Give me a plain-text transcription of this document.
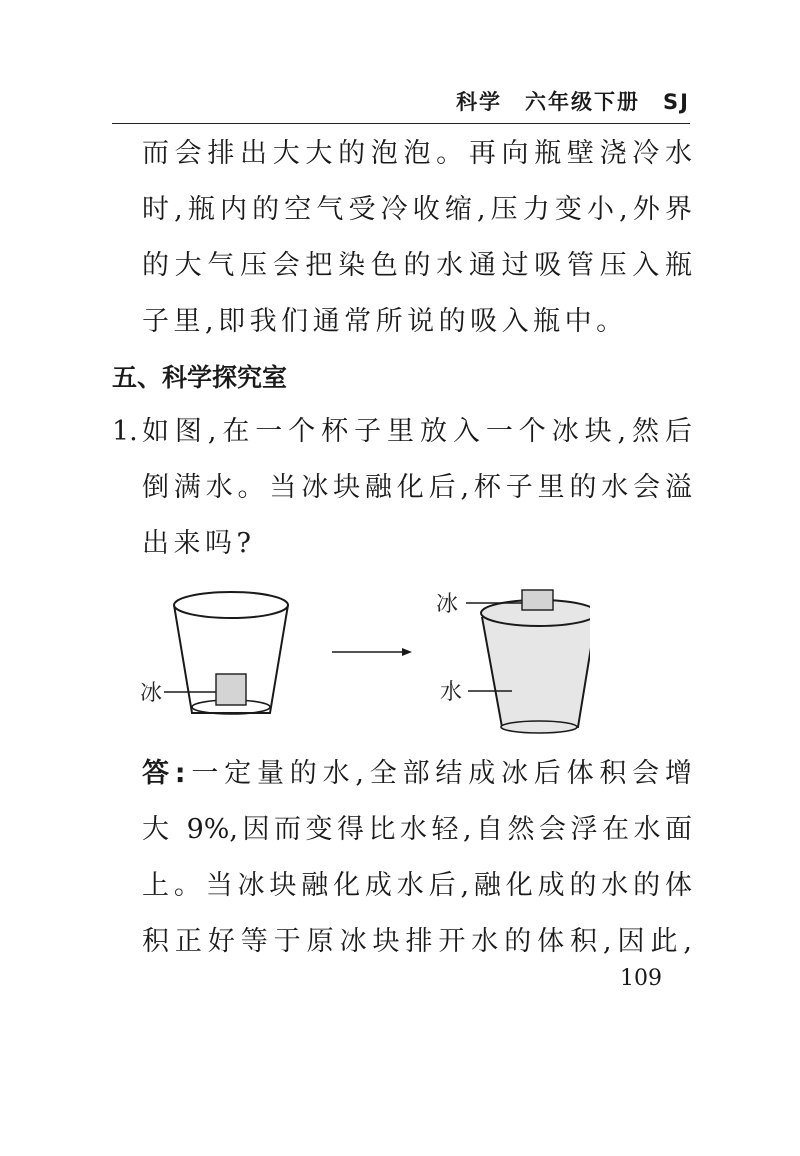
科学　六年级下册　SJ
而会排出大大的泡泡。再向瓶壁浇冷水
时,瓶内的空气受冷收缩,压力变小,外界
的大气压会把染色的水通过吸管压入瓶
子里,即我们通常所说的吸入瓶中。
五、科学探究室
1. 如图,在一个杯子里放入一个冰块,然后
倒满水。当冰块融化后,杯子里的水会溢
出来吗?
冰
冰
水
答:一定量的水,全部结成冰后体积会增
大 9%,因而变得比水轻,自然会浮在水面
上。当冰块融化成水后,融化成的水的体
积正好等于原冰块排开水的体积,因此,
109
